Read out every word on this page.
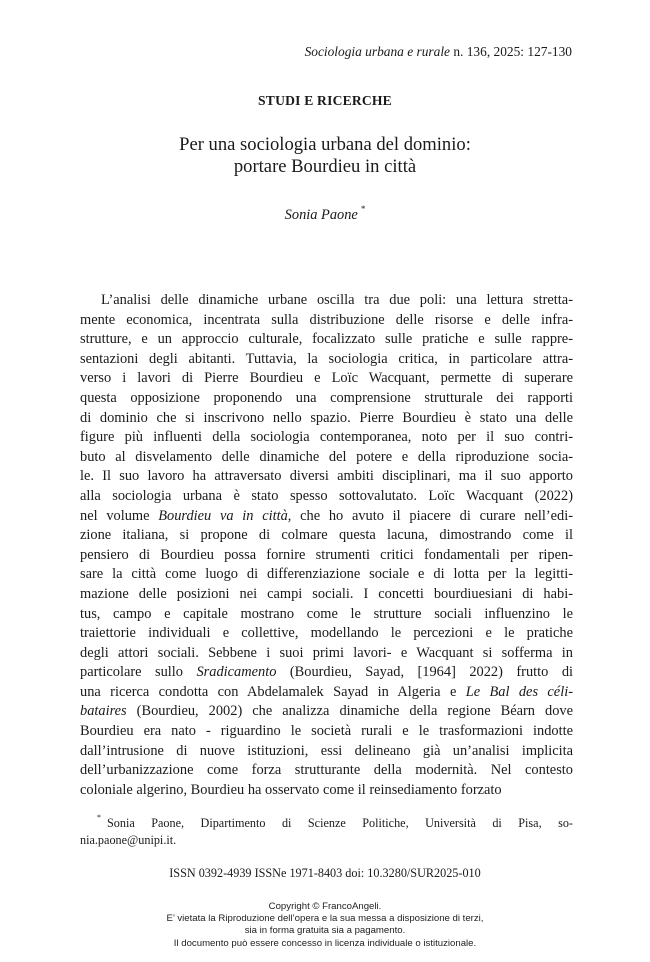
Sociologia urbana e rurale n. 136, 2025: 127-130
STUDI E RICERCHE
Per una sociologia urbana del dominio:
portare Bourdieu in città
Sonia Paone *
L’analisi delle dinamiche urbane oscilla tra due poli: una lettura stretta-
mente economica, incentrata sulla distribuzione delle risorse e delle infra-
strutture, e un approccio culturale, focalizzato sulle pratiche e sulle rappre-
sentazioni degli abitanti. Tuttavia, la sociologia critica, in particolare attra-
verso i lavori di Pierre Bourdieu e Loïc Wacquant, permette di superare
questa opposizione proponendo una comprensione strutturale dei rapporti
di dominio che si inscrivono nello spazio. Pierre Bourdieu è stato una delle
figure più influenti della sociologia contemporanea, noto per il suo contri-
buto al disvelamento delle dinamiche del potere e della riproduzione socia-
le. Il suo lavoro ha attraversato diversi ambiti disciplinari, ma il suo apporto
alla sociologia urbana è stato spesso sottovalutato. Loïc Wacquant (2022)
nel volume Bourdieu va in città, che ho avuto il piacere di curare nell’edi-
zione italiana, si propone di colmare questa lacuna, dimostrando come il
pensiero di Bourdieu possa fornire strumenti critici fondamentali per ripen-
sare la città come luogo di differenziazione sociale e di lotta per la legitti-
mazione delle posizioni nei campi sociali. I concetti bourdiuesiani di habi-
tus, campo e capitale mostrano come le strutture sociali influenzino le
traiettorie individuali e collettive, modellando le percezioni e le pratiche
degli attori sociali. Sebbene i suoi primi lavori- e Wacquant si sofferma in
particolare sullo Sradicamento (Bourdieu, Sayad, [1964] 2022) frutto di
una ricerca condotta con Abdelamalek Sayad in Algeria e Le Bal des céli-
bataires (Bourdieu, 2002) che analizza dinamiche della regione Béarn dove
Bourdieu era nato - riguardino le società rurali e le trasformazioni indotte
dall’intrusione di nuove istituzioni, essi delineano già un’analisi implicita
dell’urbanizzazione come forza strutturante della modernità. Nel contesto
coloniale algerino, Bourdieu ha osservato come il reinsediamento forzato
* Sonia Paone, Dipartimento di Scienze Politiche, Università di Pisa, so-
nia.paone@unipi.it.
ISSN 0392-4939 ISSNe 1971-8403 doi: 10.3280/SUR2025-010
Copyright © FrancoAngeli.
E’ vietata la Riproduzione dell’opera e la sua messa a disposizione di terzi,
sia in forma gratuita sia a pagamento.
Il documento può essere concesso in licenza individuale o istituzionale.
